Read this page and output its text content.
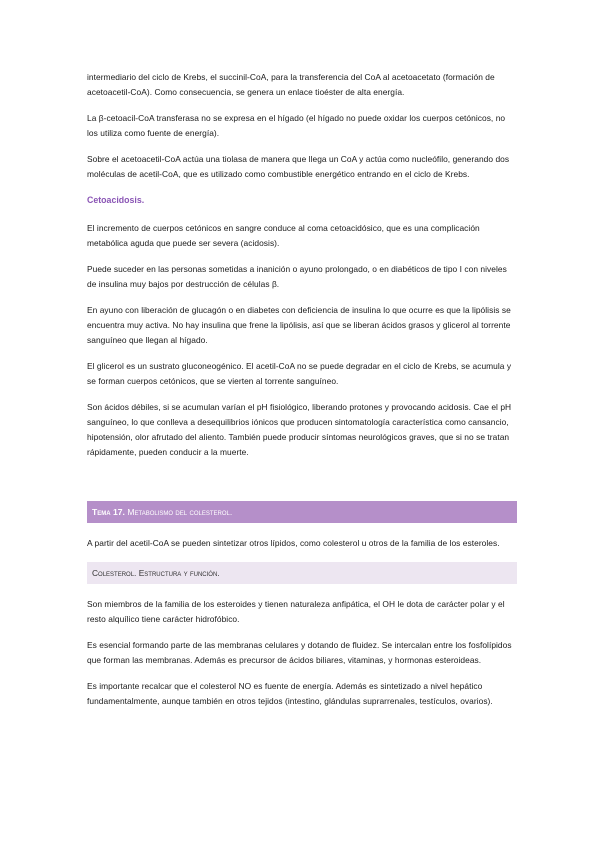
intermediario del ciclo de Krebs, el succinil-CoA, para la transferencia del CoA al acetoacetato (formación de acetoacetil-CoA). Como consecuencia, se genera un enlace tioéster de alta energía.

La β-cetoacil-CoA transferasa no se expresa en el hígado (el hígado no puede oxidar los cuerpos cetónicos, no los utiliza como fuente de energía).

Sobre el acetoacetil-CoA actúa una tiolasa de manera que llega un CoA y actúa como nucleófilo, generando dos moléculas de acetil-CoA, que es utilizado como combustible energético entrando en el ciclo de Krebs.

Cetoacidosis.

El incremento de cuerpos cetónicos en sangre conduce al coma cetoacidósico, que es una complicación metabólica aguda que puede ser severa (acidosis).

Puede suceder en las personas sometidas a inanición o ayuno prolongado, o en diabéticos de tipo I con niveles de insulina muy bajos por destrucción de células β.

En ayuno con liberación de glucagón o en diabetes con deficiencia de insulina lo que ocurre es que la lipólisis se encuentra muy activa. No hay insulina que frene la lipólisis, así que se liberan ácidos grasos y glicerol al torrente sanguíneo que llegan al hígado.

El glicerol es un sustrato gluconeogénico. El acetil-CoA no se puede degradar en el ciclo de Krebs, se acumula y se forman cuerpos cetónicos, que se vierten al torrente sanguíneo.

Son ácidos débiles, si se acumulan varían el pH fisiológico, liberando protones y provocando acidosis. Cae el pH sanguíneo, lo que conlleva a desequilibrios iónicos que producen sintomatología característica como cansancio, hipotensión, olor afrutado del aliento. También puede producir síntomas neurológicos graves, que si no se tratan rápidamente, pueden conducir a la muerte.

Tema 17. Metabolismo del colesterol.

A partir del acetil-CoA se pueden sintetizar otros lípidos, como colesterol u otros de la familia de los esteroles.

Colesterol. Estructura y función.

Son miembros de la familia de los esteroides y tienen naturaleza anfipática, el OH le dota de carácter polar y el resto alquílico tiene carácter hidrofóbico.

Es esencial formando parte de las membranas celulares y dotando de fluidez. Se intercalan entre los fosfolípidos que forman las membranas. Además es precursor de ácidos biliares, vitaminas, y hormonas esteroideas.

Es importante recalcar que el colesterol NO es fuente de energía. Además es sintetizado a nivel hepático fundamentalmente, aunque también en otros tejidos (intestino, glándulas suprarrenales, testículos, ovarios).
